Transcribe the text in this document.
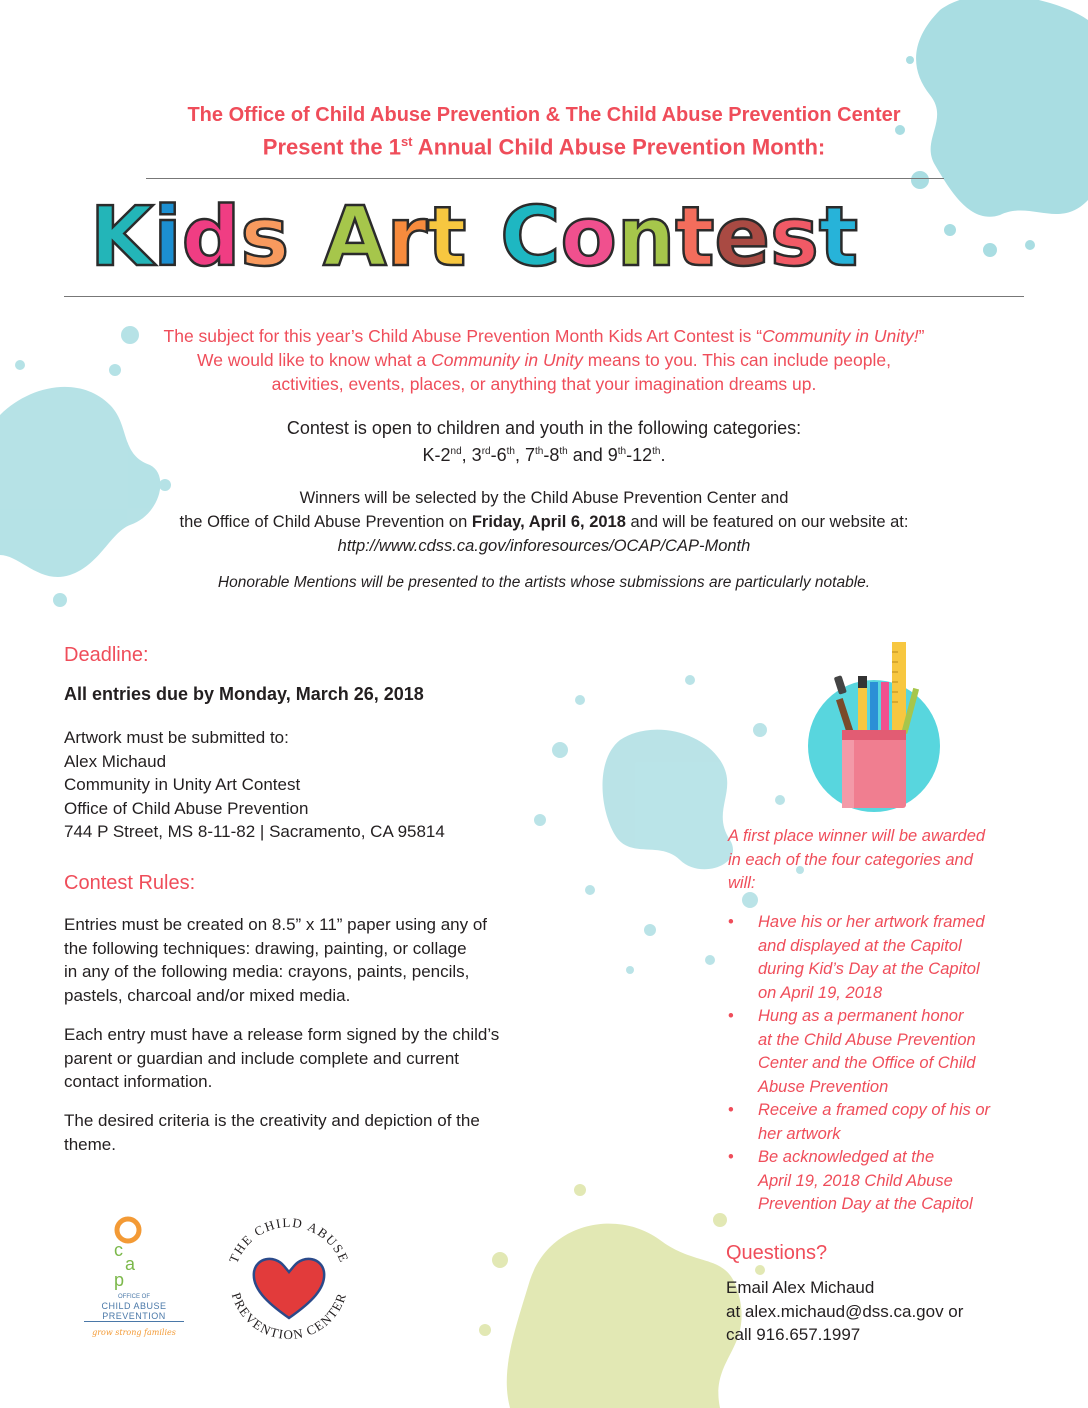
The Office of Child Abuse Prevention & The Child Abuse Prevention Center
Present the 1st Annual Child Abuse Prevention Month:
Kids Art Contest
The subject for this year’s Child Abuse Prevention Month Kids Art Contest is “Community in Unity!”
We would like to know what a Community in Unity means to you. This can include people,
activities, events, places, or anything that your imagination dreams up.
Contest is open to children and youth in the following categories:
K-2nd, 3rd-6th, 7th-8th and 9th-12th.
Winners will be selected by the Child Abuse Prevention Center and
the Office of Child Abuse Prevention on Friday, April 6, 2018 and will be featured on our website at:
http://www.cdss.ca.gov/inforesources/OCAP/CAP-Month
Honorable Mentions will be presented to the artists whose submissions are particularly notable.
Deadline:
All entries due by Monday, March 26, 2018
Artwork must be submitted to:
Alex Michaud
Community in Unity Art Contest
Office of Child Abuse Prevention
744 P Street, MS 8-11-82 | Sacramento, CA 95814
Contest Rules:
Entries must be created on 8.5” x 11” paper using any of
the following techniques: drawing, painting, or collage
in any of the following media: crayons, paints, pencils,
pastels, charcoal and/or mixed media.
Each entry must have a release form signed by the child’s
parent or guardian and include complete and current
contact information.
The desired criteria is the creativity and depiction of the
theme.
A first place winner will be awarded
in each of the four categories and
will:
• Have his or her artwork framed
and displayed at the Capitol
during Kid’s Day at the Capitol
on April 19, 2018
• Hung as a permanent honor
at the Child Abuse Prevention
Center and the Office of Child
Abuse Prevention
• Receive a framed copy of his or
her artwork
• Be acknowledged at the
April 19, 2018 Child Abuse
Prevention Day at the Capitol
Questions?
Email Alex Michaud
at alex.michaud@dss.ca.gov or
call 916.657.1997
c
a
p
OFFICE OF
CHILD ABUSE
PREVENTION
grow strong families
THE CHILD ABUSE
PREVENTION CENTER
